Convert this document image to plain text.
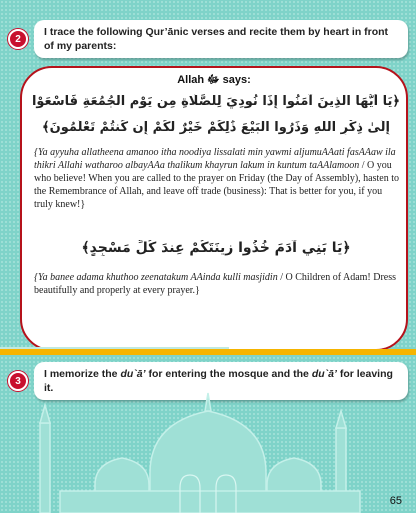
2
I trace the following Qur’ānic verses and recite them by heart in front of my parents:
Allah ﷻ says:
﴿يَا أَيُّهَا الَّذِينَ آمَنُوا إِذَا نُودِيَ لِلصَّلَاةِ مِن يَوْمِ الْجُمُعَةِ فَاسْعَوْا
إِلَىٰ ذِكْرِ اللَّهِ وَذَرُوا الْبَيْعَ ذَٰلِكُمْ خَيْرٌ لَّكُمْ إِن كُنتُمْ تَعْلَمُونَ﴾
{Ya ayyuha allatheena amanoo itha noodiya lissalati min yawmi aljumuAAati fasAAaw ila thikri Allahi watharoo albayAAa thalikum khayrun lakum in kuntum taAAlamoon / O you who believe! When you are called to the prayer on Friday (the Day of Assembly), hasten to the Remembrance of Allah, and leave off trade (business): That is better for you, if you truly knew!}
﴿يَا بَنِي آدَمَ خُذُوا زِينَتَكُمْ عِندَ كُلِّ مَسْجِدٍ﴾
{Ya banee adama khuthoo zeenatakum AAinda kulli masjidin / O Children of Adam! Dress beautifully and properly at every prayer.}
3
I memorize the du`ā’ for entering the mosque and the du`ā’ for leaving it.
65
